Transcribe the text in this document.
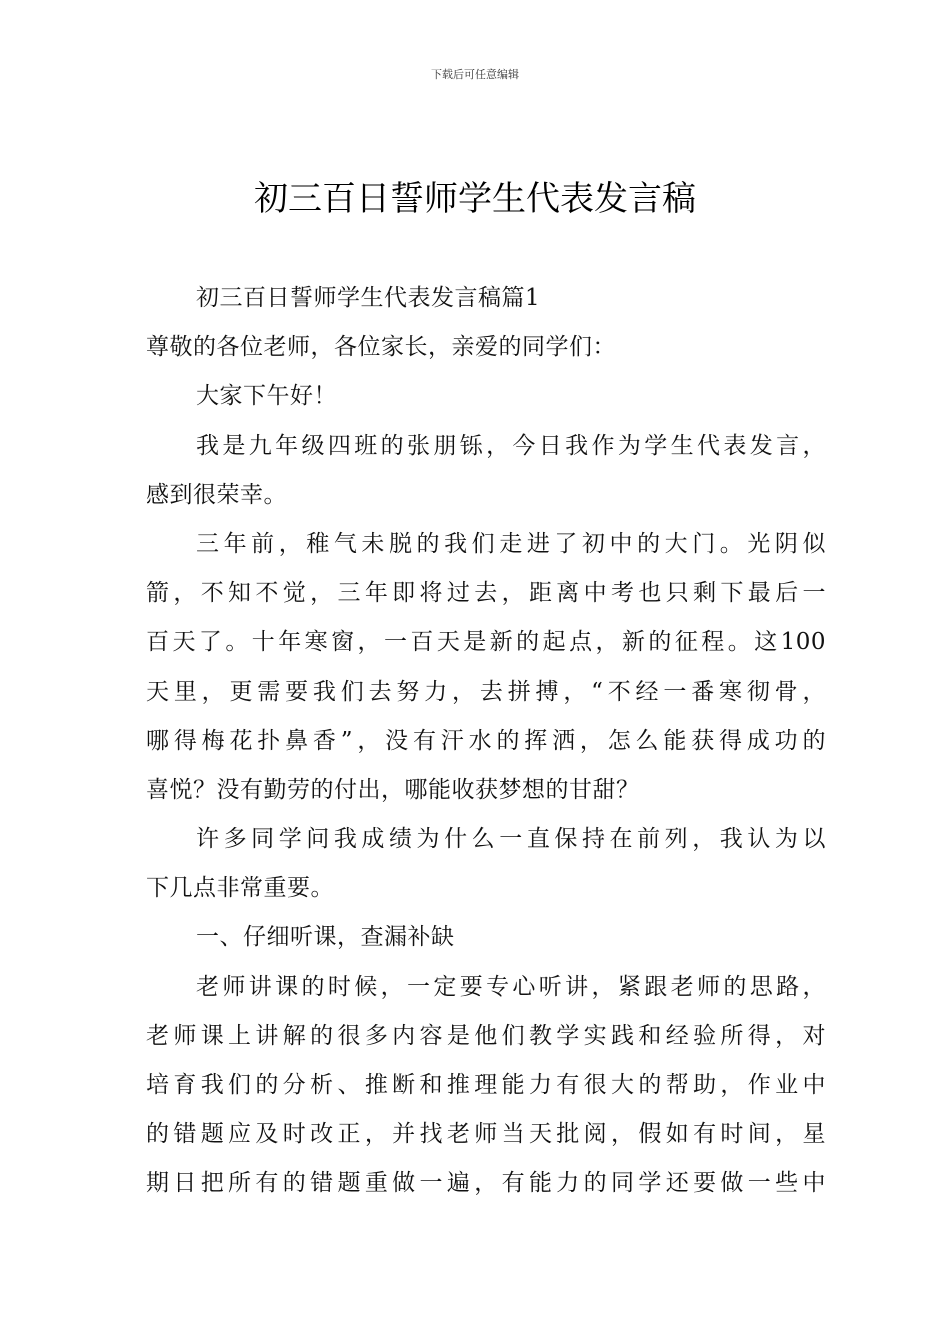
下载后可任意编辑
初三百日誓师学生代表发言稿
初三百日誓师学生代表发言稿篇1
尊敬的各位老师，各位家长，亲爱的同学们：
大家下午好！
我是九年级四班的张朋铄，今日我作为学生代表发言，
感到很荣幸。
三年前，稚气未脱的我们走进了初中的大门。光阴似
箭，不知不觉，三年即将过去，距离中考也只剩下最后一
百天了。十年寒窗，一百天是新的起点，新的征程。这100
天里，更需要我们去努力，去拼搏，“不经一番寒彻骨，
哪得梅花扑鼻香”，没有汗水的挥洒，怎么能获得成功的
喜悦？没有勤劳的付出，哪能收获梦想的甘甜？
许多同学问我成绩为什么一直保持在前列，我认为以
下几点非常重要。
一、仔细听课，查漏补缺
老师讲课的时候，一定要专心听讲，紧跟老师的思路，
老师课上讲解的很多内容是他们教学实践和经验所得，对
培育我们的分析、推断和推理能力有很大的帮助，作业中
的错题应及时改正，并找老师当天批阅，假如有时间，星
期日把所有的错题重做一遍，有能力的同学还要做一些中
